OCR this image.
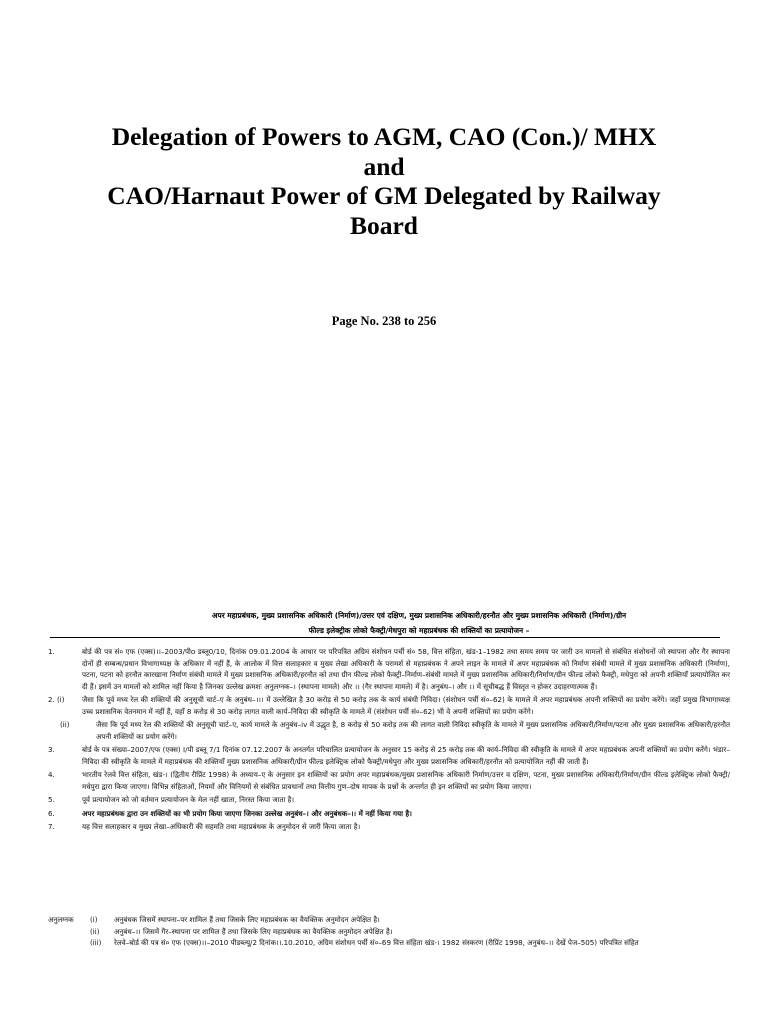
Delegation of Powers to AGM, CAO (Con.)/ MHX
and
CAO/Harnaut Power of GM Delegated by Railway
Board
Page No. 238 to 256
अपर महाप्रबंधक, मुख्य प्रशासनिक अधिकारी (निर्माण)/उत्तर एवं दक्षिण, मुख्य प्रशासनिक अधिकारी/हरनौत और मुख्य प्रशासनिक अधिकारी (निर्माण)/ग्रीन
फील्ड इलेक्ट्रीक लोको फैक्ट्री/मेधपुरा को महाप्रबंधक की शक्तियों का प्रत्यायोजन –
1.	बोर्ड की पत्र सं० एफ (एक्स)।।–2003/पीo डब्लू0/10, दिनांक 09.01.2004 के आधार पर परिपत्रित अग्रिम संशोधन पर्ची सं० 58, वित्त संहिता, खंड-1–1982 तथा समय समय पर जारी उन मामलों से संबंधित संशोधनों जो स्थापना और गैर स्थापना दोनों ही सम्बन्ध/प्रधान विभागाध्यक्ष के अधिकार में नहीं हैं, के आलोक में वित्त सलाहकार व मुख्य लेखा अधिकारी के परामर्श से महाप्रबंधक ने अपने लाइन के मामले में अपर महाप्रबंधक को निर्माण संबंधी मामले में मुख्य प्रशासनिक अधिकारी (निर्माण), पटना, पटना को हरनौत कारखाना निर्माण संबंधी मामले में मुख्य प्रशासनिक अधिकारी/हरनौत को तथा ग्रीन फील्ड लोको फैक्ट्री–निर्माण–संबंधी मामले में मुख्य प्रशासनिक अधिकारी/निर्माण/ग्रीन फील्ड लोको फैक्ट्री, मधेपुरा को अपनी शक्तियाँ प्रत्यायोजित कर दी हैं। इसमें उन मामलों को शामिल नहीं किया है जिनका उल्लेख क्रमशः अनुलग्नक–। (स्थापना मामले) और ।। (गैर स्थापना मामले) में है। अनुबंध–। और ।। में सूचीबद्ध हैं विस्तृत न होकर उदाहरणात्मक हैं।
2. (i)	जैसा कि पूर्व मध्य रेल की शक्तियों की अनुसूची चार्ट–ए के अनुबंध–।।। में उल्लेखित है 30 करोड़ से 50 करोड़ तक के कार्य संबंधी निविदा। (संशोधन पर्ची सं०–62) के मामले में अपर महाप्रबंधक अपनी शक्तियों का प्रयोग करेंगे। जहाँ प्रमुख विभागाध्यक्ष उच्च प्रशासनिक वेतनमान में नहीं हैं, वहाँ 8 करोड़ से 30 करोड़ लागत वाली कार्य–निविदा की स्वीकृति के मामले में (संशोधन पर्ची सं०–62) भी वे अपनी शक्तियों का प्रयोग करेंगे।
(ii)	जैसा कि पूर्व मध्य रेल की शक्तियों की अनुसूची चार्ट–ए, कार्य मामले के अनुबंध–iv में उद्धृत है, 8 करोड़ से 50 करोड़ तक की लागत वाली निविदा स्वीकृति के मामले में मुख्य प्रशासनिक अधिकारी/निर्माण/पटना और मुख्य प्रशासनिक अधिकारी/हरनौत अपनी शक्तियों का प्रयोग करेंगे।
3.	बोर्ड के पत्र संख्या–2007/एफ (एक्स) I/पी डब्लू 7/1 दिनांक 07.12.2007 के अनतर्गत परिचालित प्रत्यायोजन के अनुसार 15 करोड़ से 25 करोड़ तक की कार्य–निविदा की स्वीकृति के मामले में अपर महाप्रबंधक अपनी शक्तियों का प्रयोग करेंगे। भंडार–निविदा की स्वीकृति के मामले में महाप्रबंधक की शक्तियाँ मुख्य प्रशासनिक अधिकारी/ग्रीन फील्ड इलेक्ट्रिक लोको फैक्ट्री/मधेपुरा और मुख्य प्रशासनिक अधिकारी/हरनौत को प्रत्यायोजित नहीं की जाती हैं।
4.	भारतीय रेलवे वित्त संहिता, खंड-। (द्वितीय रीप्रिंट 1998) के अध्याय–ए के अनुसार इन शक्तियों का प्रयोग अपर महाप्रबंधक/मुख्य प्रशासनिक अधिकारी निर्माण/उत्तर व दक्षिण, पटना, मुख्य प्रशासनिक अधिकारी/निर्माण/ग्रीन फील्ड इलेक्ट्रिक लोको फैक्ट्री/मधेपुरा द्वारा किया जाएगा। विभिन्न संहिताओं, नियमों और विनियमों से संबंधित प्रावधानों तथा वित्तीय गुण–दोष मापक के प्रश्नों के अन्तर्गत ही इन शक्तियों का प्रयोग किया जाएगा।
5.	पूर्व प्रत्यायोजन को जो वर्तमान प्रत्यायोजन के मेल नहीं खाता, निरस्त किया जाता है।
6.	अपर महाप्रबंधक द्वारा उन शक्तियों का भी प्रयोग किया जाएगा जिनका उल्लेख अनुबंध–। और अनुबंधक–।। में नहीं किया गया है।
7.	यह वित्त सलाहकार व मुख्य लेखा–अधिकारी की सहमति तथा महाप्रबंधक के अनुमोदन से जारी किया जाता है।
अनुलग्नक	(i)	अनुबंधक जिसमें स्थापना–पर शामिल हैं तथा जिसके लिए महाप्रबंधक का वैयक्तिक अनुमोदन अपेक्षित है।
(ii)	अनुबंध–।। जिसमें गैर–स्थापना पर शामिल हैं तथा जिसके लिए महाप्रबंधक का वैयक्तिक अनुमोदन अपेक्षित है।
(iii)	रेलवे–बोर्ड की पत्र सं० एफ (एक्स)।।–2010 पीडब्ल्यू/2 दिनांक।।.10.2010, अग्रिम संशोधन पर्ची सं०–69 वित्त संहिता खंड-। 1982 संस्करण (रीप्रिंट 1998, अनुबंध–।। देखें पेज–505) परिपत्रित संहित
